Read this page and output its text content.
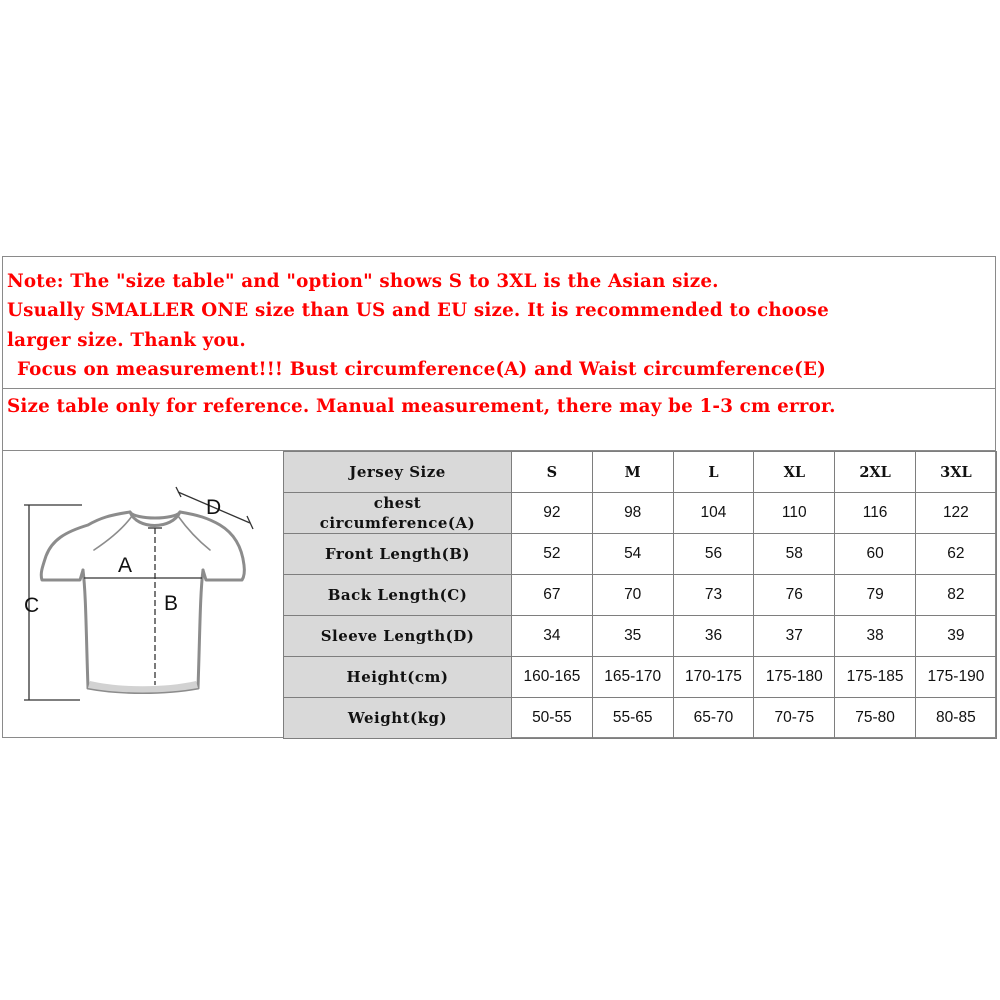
Note: The "size table" and "option" shows S to 3XL is the Asian size.
Usually SMALLER ONE size than US and EU size. It is recommended to choose
larger size. Thank you.
Focus on measurement!!! Bust circumference(A) and Waist circumference(E)
Size table only for reference. Manual measurement, there may be 1-3 cm error.
A
B
C
D
Jersey Size	S	M	L	XL	2XL	3XL
chest
circumference(A)	92	98	104	110	116	122
Front Length(B)	52	54	56	58	60	62
Back Length(C)	67	70	73	76	79	82
Sleeve Length(D)	34	35	36	37	38	39
Height(cm)	160-165	165-170	170-175	175-180	175-185	175-190
Weight(kg)	50-55	55-65	65-70	70-75	75-80	80-85
